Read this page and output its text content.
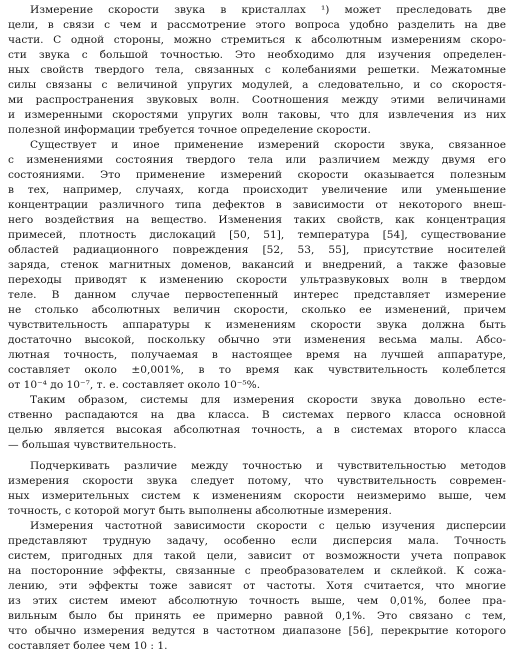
Измерение скорости звука в кристаллах ¹) может преследовать две
цели, в связи с чем и рассмотрение этого вопроса удобно разделить на две
части. С одной стороны, можно стремиться к абсолютным измерениям скоро-
сти звука с большой точностью. Это необходимо для изучения определен-
ных свойств твердого тела, связанных с колебаниями решетки. Межатомные
силы связаны с величиной упругих модулей, а следовательно, и со скоростя-
ми распространения звуковых волн. Соотношения между этими величинами
и измеренными скоростями упругих волн таковы, что для извлечения из них
полезной информации требуется точное определение скорости.

Существует и иное применение измерений скорости звука, связанное
с изменениями состояния твердого тела или различием между двумя его
состояниями. Это применение измерений скорости оказывается полезным
в тех, например, случаях, когда происходит увеличение или уменьшение
концентрации различного типа дефектов в зависимости от некоторого внеш-
него воздействия на вещество. Изменения таких свойств, как концентрация
примесей, плотность дислокаций [50, 51], температура [54], существование
областей радиационного повреждения [52, 53, 55], присутствие носителей
заряда, стенок магнитных доменов, вакансий и внедрений, а также фазовые
переходы приводят к изменению скорости ультразвуковых волн в твердом
теле. В данном случае первостепенный интерес представляет измерение
не столько абсолютных величин скорости, сколько ее изменений, причем
чувствительность аппаратуры к изменениям скорости звука должна быть
достаточно высокой, поскольку обычно эти изменения весьма малы. Абсо-
лютная точность, получаемая в настоящее время на лучшей аппаратуре,
составляет около ±0,001%, в то время как чувствительность колеблется
от 10⁻⁴ до 10⁻⁷, т. е. составляет около 10⁻⁵%.

Таким образом, системы для измерения скорости звука довольно есте-
ственно распадаются на два класса. В системах первого класса основной
целью является высокая абсолютная точность, а в системах второго класса
— большая чувствительность.

Подчеркивать различие между точностью и чувствительностью методов
измерения скорости звука следует потому, что чувствительность современ-
ных измерительных систем к изменениям скорости неизмеримо выше, чем
точность, с которой могут быть выполнены абсолютные измерения.

Измерения частотной зависимости скорости с целью изучения дисперсии
представляют трудную задачу, особенно если дисперсия мала. Точность
систем, пригодных для такой цели, зависит от возможности учета поправок
на посторонние эффекты, связанные с преобразователем и склейкой. К сожа-
лению, эти эффекты тоже зависят от частоты. Хотя считается, что многие
из этих систем имеют абсолютную точность выше, чем 0,01%, более пра-
вильным было бы принять ее примерно равной 0,1%. Это связано с тем,
что обычно измерения ведутся в частотном диапазоне [56], перекрытие которого
составляет более чем 10 : 1.
